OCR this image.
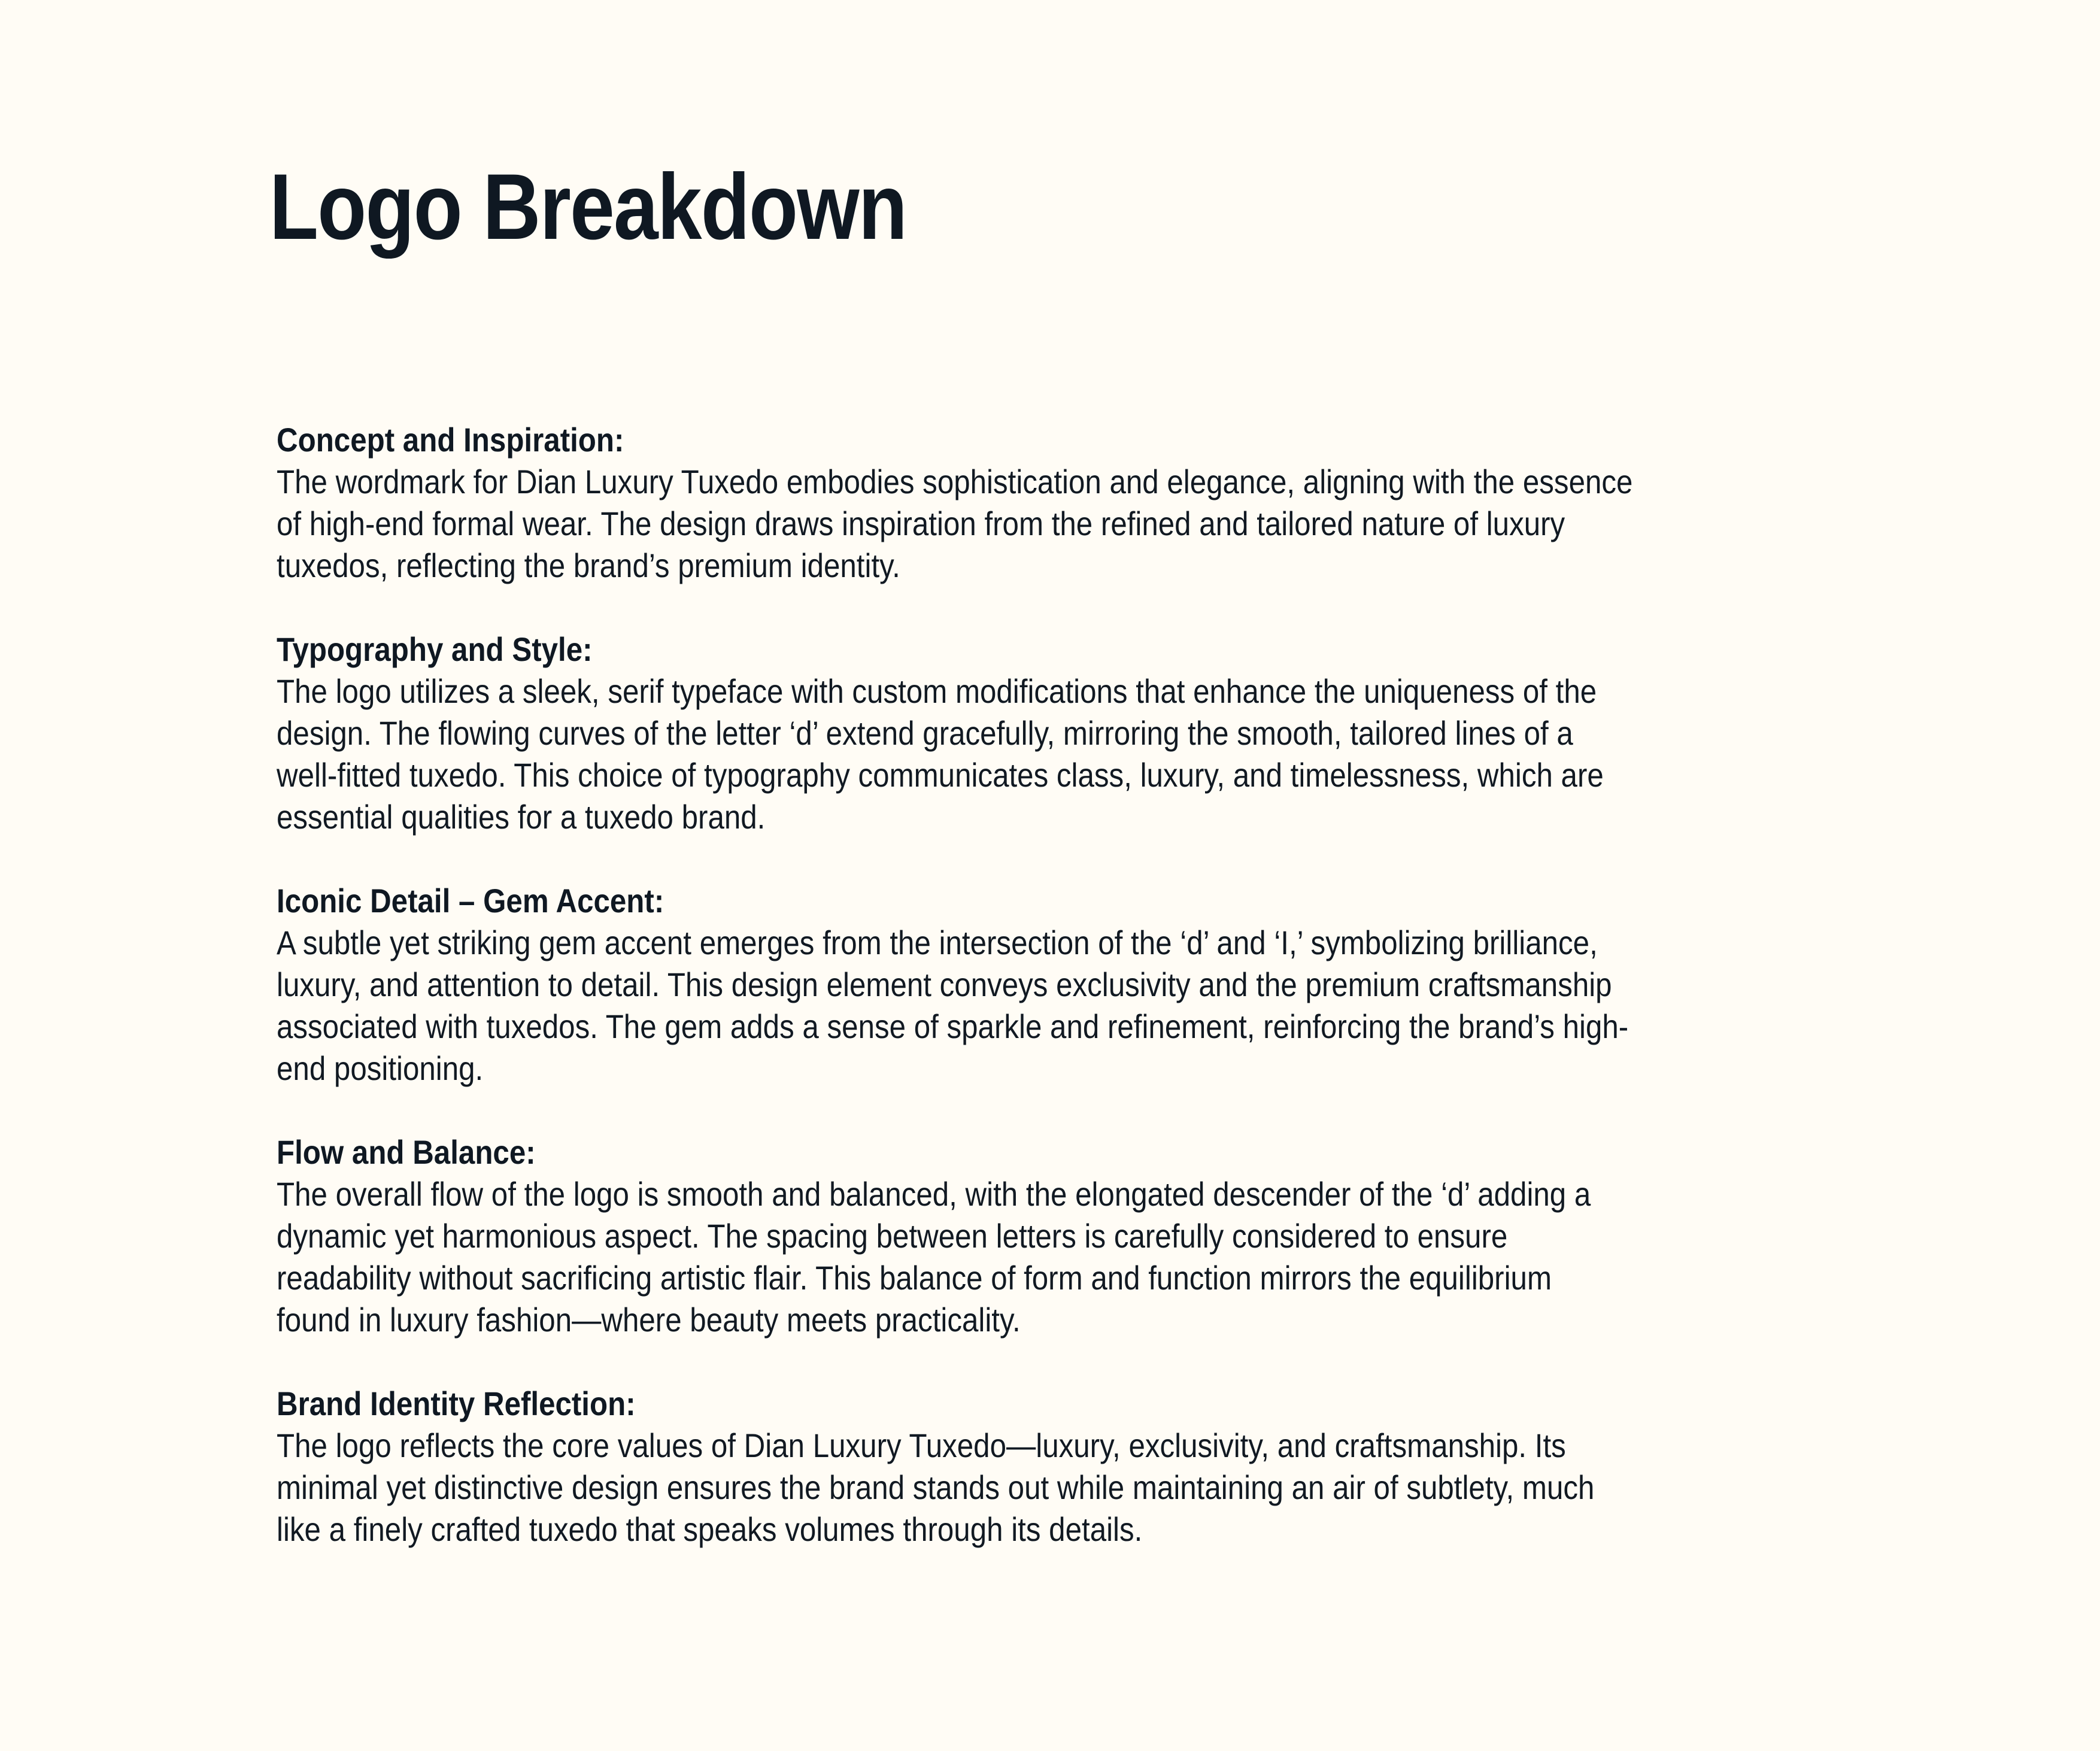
Logo Breakdown
Concept and Inspiration:
The wordmark for Dian Luxury Tuxedo embodies sophistication and elegance, aligning with the essence
of high-end formal wear. The design draws inspiration from the refined and tailored nature of luxury
tuxedos, reflecting the brand’s premium identity.
Typography and Style:
The logo utilizes a sleek, serif typeface with custom modifications that enhance the uniqueness of the
design. The flowing curves of the letter ‘d’ extend gracefully, mirroring the smooth, tailored lines of a
well-fitted tuxedo. This choice of typography communicates class, luxury, and timelessness, which are
essential qualities for a tuxedo brand.
Iconic Detail – Gem Accent:
A subtle yet striking gem accent emerges from the intersection of the ‘d’ and ‘I,’ symbolizing brilliance,
luxury, and attention to detail. This design element conveys exclusivity and the premium craftsmanship
associated with tuxedos. The gem adds a sense of sparkle and refinement, reinforcing the brand’s high-
end positioning.
Flow and Balance:
The overall flow of the logo is smooth and balanced, with the elongated descender of the ‘d’ adding a
dynamic yet harmonious aspect. The spacing between letters is carefully considered to ensure
readability without sacrificing artistic flair. This balance of form and function mirrors the equilibrium
found in luxury fashion—where beauty meets practicality.
Brand Identity Reflection:
The logo reflects the core values of Dian Luxury Tuxedo—luxury, exclusivity, and craftsmanship. Its
minimal yet distinctive design ensures the brand stands out while maintaining an air of subtlety, much
like a finely crafted tuxedo that speaks volumes through its details.
